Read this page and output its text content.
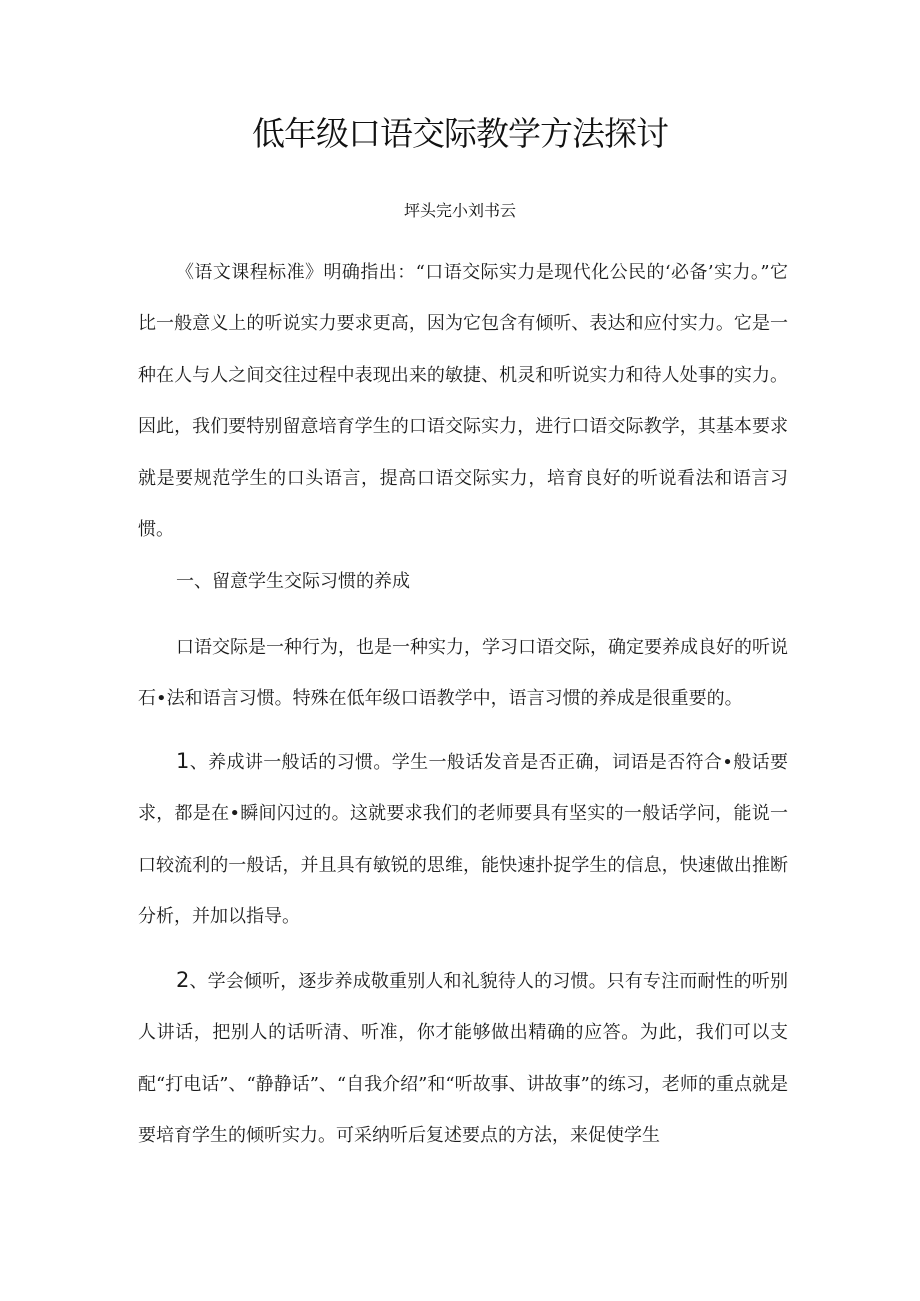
低年级口语交际教学方法探讨
坪头完小刘书云

《语文课程标准》明确指出：“口语交际实力是现代化公民的‘必备’实力。”它比一般意义上的听说实力要求更高，因为它包含有倾听、表达和应付实力。它是一种在人与人之间交往过程中表现出来的敏捷、机灵和听说实力和待人处事的实力。因此，我们要特别留意培育学生的口语交际实力，进行口语交际教学，其基本要求就是要规范学生的口头语言，提高口语交际实力，培育良好的听说看法和语言习惯。

一、留意学生交际习惯的养成

口语交际是一种行为，也是一种实力，学习口语交际，确定要养成良好的听说石•法和语言习惯。特殊在低年级口语教学中，语言习惯的养成是很重要的。

1、养成讲一般话的习惯。学生一般话发音是否正确，词语是否符合•般话要求，都是在•瞬间闪过的。这就要求我们的老师要具有坚实的一般话学问，能说一口较流利的一般话，并且具有敏锐的思维，能快速扑捉学生的信息，快速做出推断分析，并加以指导。

2、学会倾听，逐步养成敬重别人和礼貌待人的习惯。只有专注而耐性的听别人讲话，把别人的话听清、听准，你才能够做出精确的应答。为此，我们可以支配“打电话”、“静静话”、“自我介绍”和“听故事、讲故事”的练习，老师的重点就是要培育学生的倾听实力。可采纳听后复述要点的方法，来促使学生
